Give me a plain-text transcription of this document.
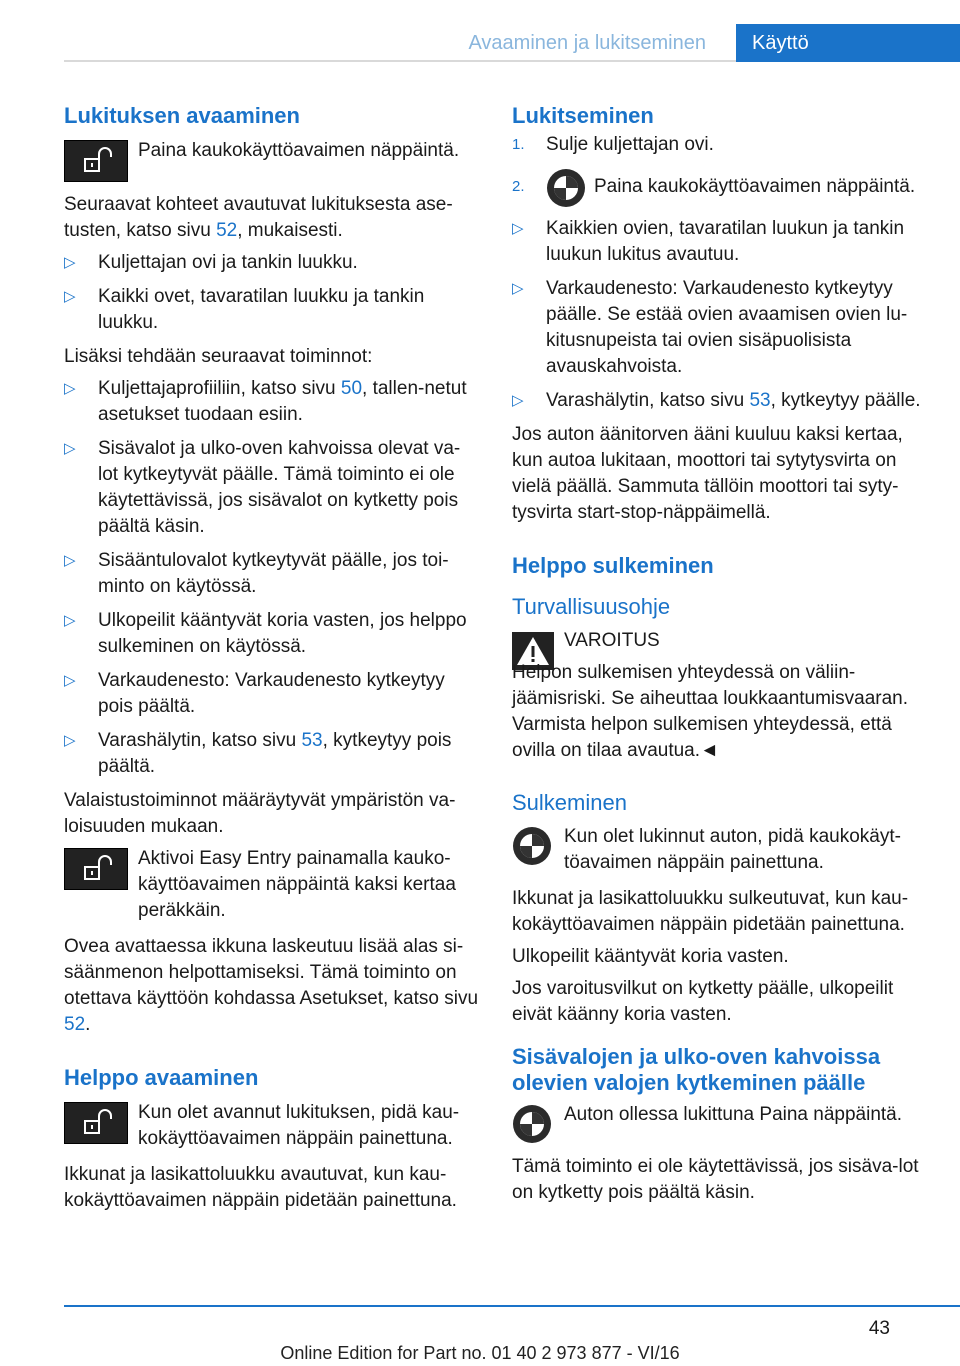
Avaaminen ja lukitseminen	Käyttö
Lukituksen avaaminen
Paina kaukokäyttöavaimen näppäintä.

Seuraavat kohteet avautuvat lukituksesta ase-tusten, katso sivu 52, mukaisesti.

▷	Kuljettajan ovi ja tankin luukku.
▷	Kaikki ovet, tavaratilan luukku ja tankin luukku.

Lisäksi tehdään seuraavat toiminnot:

▷	Kuljettajaprofiiliin, katso sivu 50, tallen-netut asetukset tuodaan esiin.
▷	Sisävalot ja ulko-oven kahvoissa olevat va-lot kytkeytyvät päälle. Tämä toiminto ei ole käytettävissä, jos sisävalot on kytketty pois päältä käsin.
▷	Sisääntulovalot kytkeytyvät päälle, jos toi-minto on käytössä.
▷	Ulkopeilit kääntyvät koria vasten, jos helppo sulkeminen on käytössä.
▷	Varkaudenesto: Varkaudenesto kytkeytyy pois päältä.
▷	Varashälytin, katso sivu 53, kytkeytyy pois päältä.

Valaistustoiminnot määräytyvät ympäristön va-loisuuden mukaan.

Aktivoi Easy Entry painamalla kauko-käyttöavaimen näppäintä kaksi kertaa peräkkäin.

Ovea avattaessa ikkuna laskeutuu lisää alas si-säänmenon helpottamiseksi. Tämä toiminto on otettava käyttöön kohdassa Asetukset, katso sivu 52.

Helppo avaaminen
Kun olet avannut lukituksen, pidä kau-kokäyttöavaimen näppäin painettuna.

Ikkunat ja lasikattoluukku avautuvat, kun kau-kokäyttöavaimen näppäin pidetään painettuna.

Lukitseminen
1.	Sulje kuljettajan ovi.
2.	Paina kaukokäyttöavaimen näppäintä.
▷	Kaikkien ovien, tavaratilan luukun ja tankin luukun lukitus avautuu.
▷	Varkaudenesto: Varkaudenesto kytkeytyy päälle. Se estää ovien avaamisen ovien lu-kitusnupeista tai ovien sisäpuolisista avauskahvoista.
▷	Varashälytin, katso sivu 53, kytkeytyy päälle.

Jos auton äänitorven ääni kuuluu kaksi kertaa, kun autoa lukitaan, moottori tai sytytysvirta on vielä päällä. Sammuta tällöin moottori tai syty-tysvirta start-stop-näppäimellä.

Helppo sulkeminen
Turvallisuusohje
VAROITUS

Helpon sulkemisen yhteydessä on väliin-jäämisriski. Se aiheuttaa loukkaantumisvaaran. Varmista helpon sulkemisen yhteydessä, että ovilla on tilaa avautua.◄

Sulkeminen
Kun olet lukinnut auton, pidä kaukokäyt-töavaimen näppäin painettuna.

Ikkunat ja lasikattoluukku sulkeutuvat, kun kau-kokäyttöavaimen näppäin pidetään painettuna.

Ulkopeilit kääntyvät koria vasten.

Jos varoitusvilkut on kytketty päälle, ulkopeilit eivät käänny koria vasten.

Sisävalojen ja ulko-oven kahvoissa olevien valojen kytkeminen päälle
Auton ollessa lukittuna Paina näppäintä.

Tämä toiminto ei ole käytettävissä, jos sisäva-lot on kytketty pois päältä käsin.

43
Online Edition for Part no. 01 40 2 973 877 - VI/16
